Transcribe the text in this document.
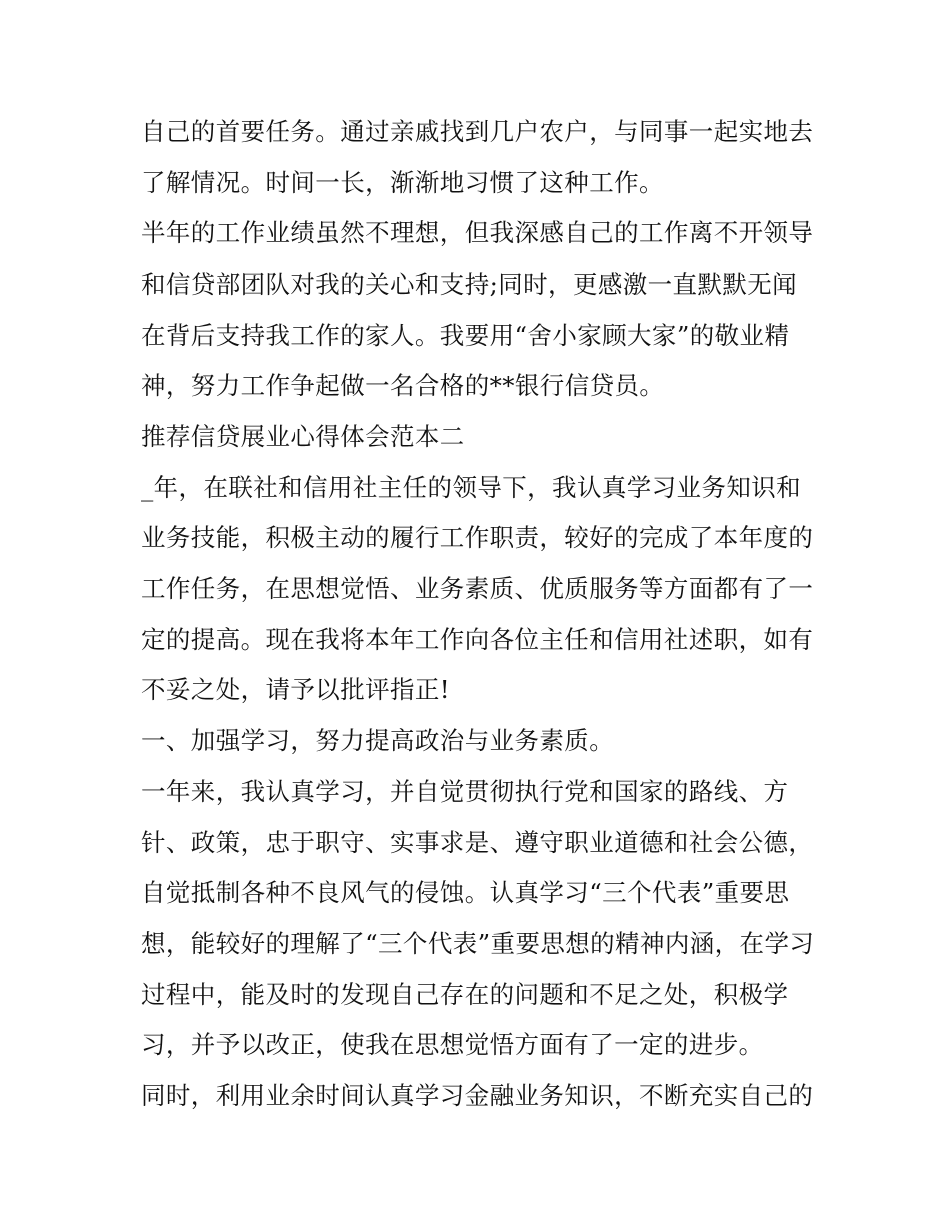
自己的首要任务。通过亲戚找到几户农户，与同事一起实地去
了解情况。时间一长，渐渐地习惯了这种工作。
半年的工作业绩虽然不理想，但我深感自己的工作离不开领导
和信贷部团队对我的关心和支持;同时，更感激一直默默无闻
在背后支持我工作的家人。我要用“舍小家顾大家”的敬业精
神，努力工作争起做一名合格的**银行信贷员。
推荐信贷展业心得体会范本二
_年，在联社和信用社主任的领导下，我认真学习业务知识和
业务技能，积极主动的履行工作职责，较好的完成了本年度的
工作任务，在思想觉悟、业务素质、优质服务等方面都有了一
定的提高。现在我将本年工作向各位主任和信用社述职，如有
不妥之处，请予以批评指正!
一、加强学习，努力提高政治与业务素质。
一年来，我认真学习，并自觉贯彻执行党和国家的路线、方
针、政策，忠于职守、实事求是、遵守职业道德和社会公德，
自觉抵制各种不良风气的侵蚀。认真学习“三个代表”重要思
想，能较好的理解了“三个代表”重要思想的精神内涵，在学习
过程中，能及时的发现自己存在的问题和不足之处，积极学
习，并予以改正，使我在思想觉悟方面有了一定的进步。
同时，利用业余时间认真学习金融业务知识，不断充实自己的
